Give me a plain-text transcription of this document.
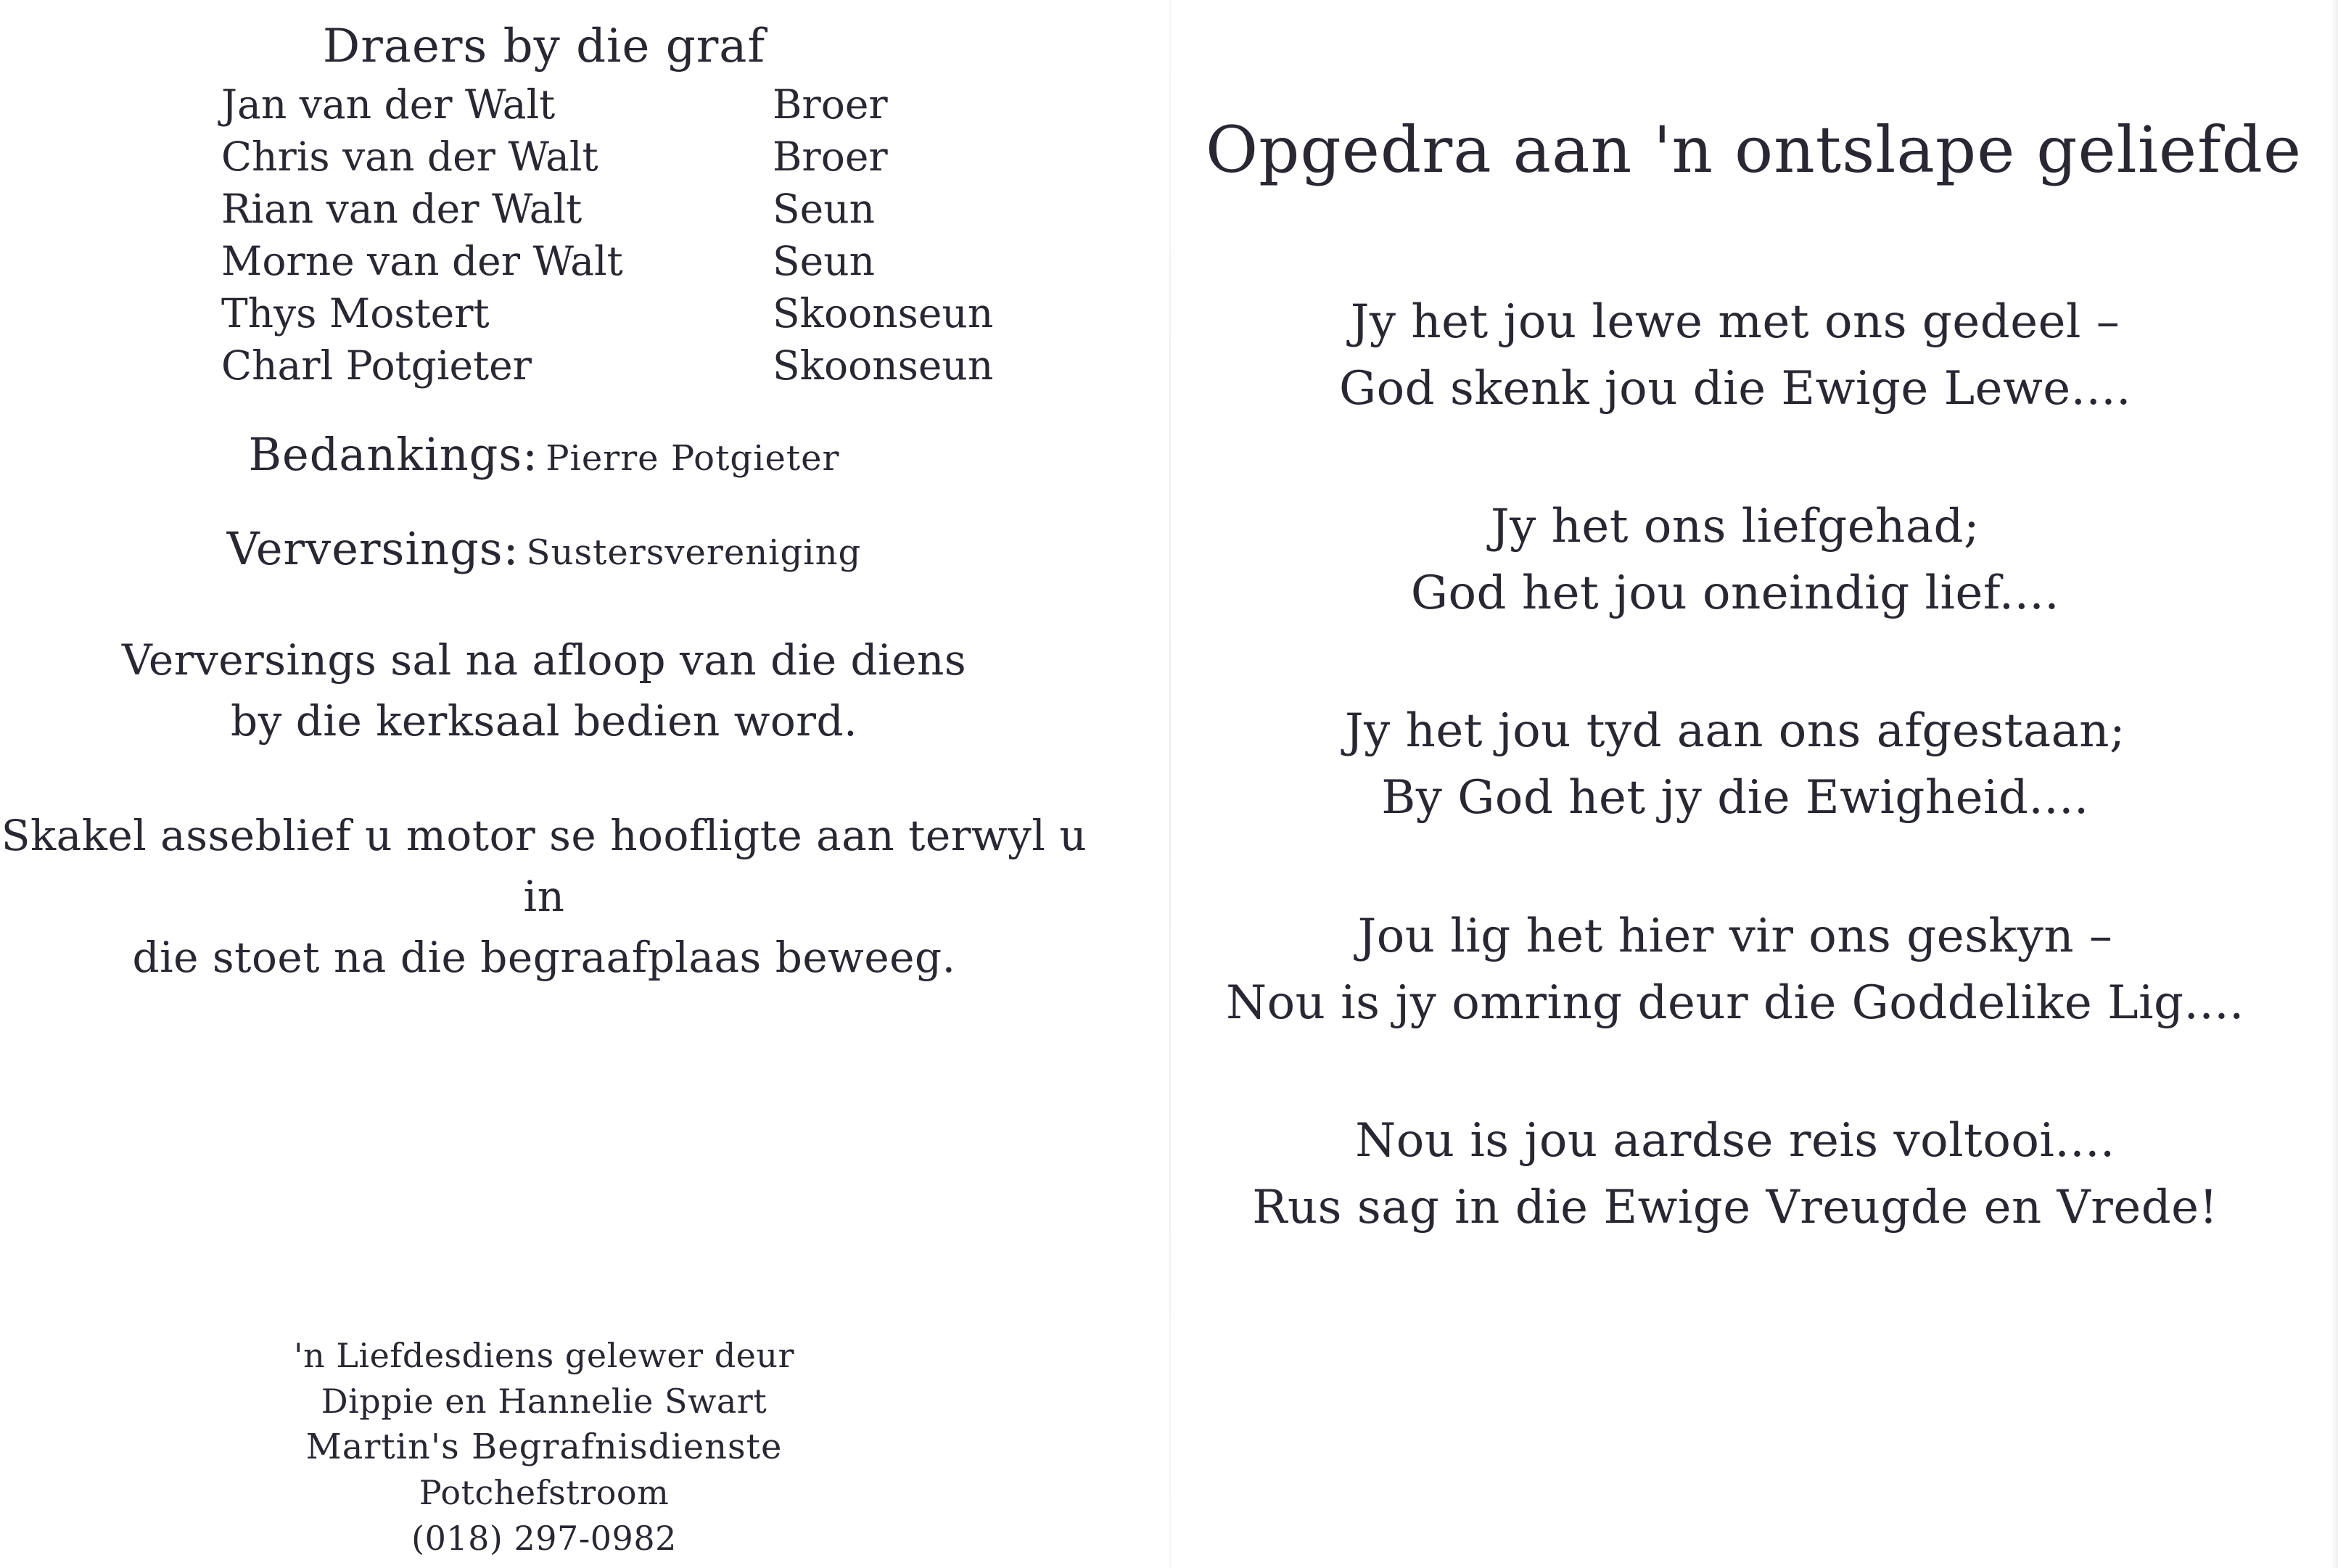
Draers by die graf
Jan van der Walt	Broer
Chris van der Walt	Broer
Rian van der Walt	Seun
Morne van der Walt	Seun
Thys Mostert	Skoonseun
Charl Potgieter	Skoonseun
Bedankings: Pierre Potgieter
Verversings: Sustersvereniging
Verversings sal na afloop van die diens
by die kerksaal bedien word.
Skakel asseblief u motor se hoofligte aan terwyl u in
die stoet na die begraafplaas beweeg.
'n Liefdesdiens gelewer deur
Dippie en Hannelie Swart
Martin's Begrafnisdienste
Potchefstroom
(018) 297-0982
Opgedra aan 'n ontslape geliefde
Jy het jou lewe met ons gedeel –
God skenk jou die Ewige Lewe....
Jy het ons liefgehad;
God het jou oneindig lief....
Jy het jou tyd aan ons afgestaan;
By God het jy die Ewigheid....
Jou lig het hier vir ons geskyn –
Nou is jy omring deur die Goddelike Lig....
Nou is jou aardse reis voltooi....
Rus sag in die Ewige Vreugde en Vrede!
